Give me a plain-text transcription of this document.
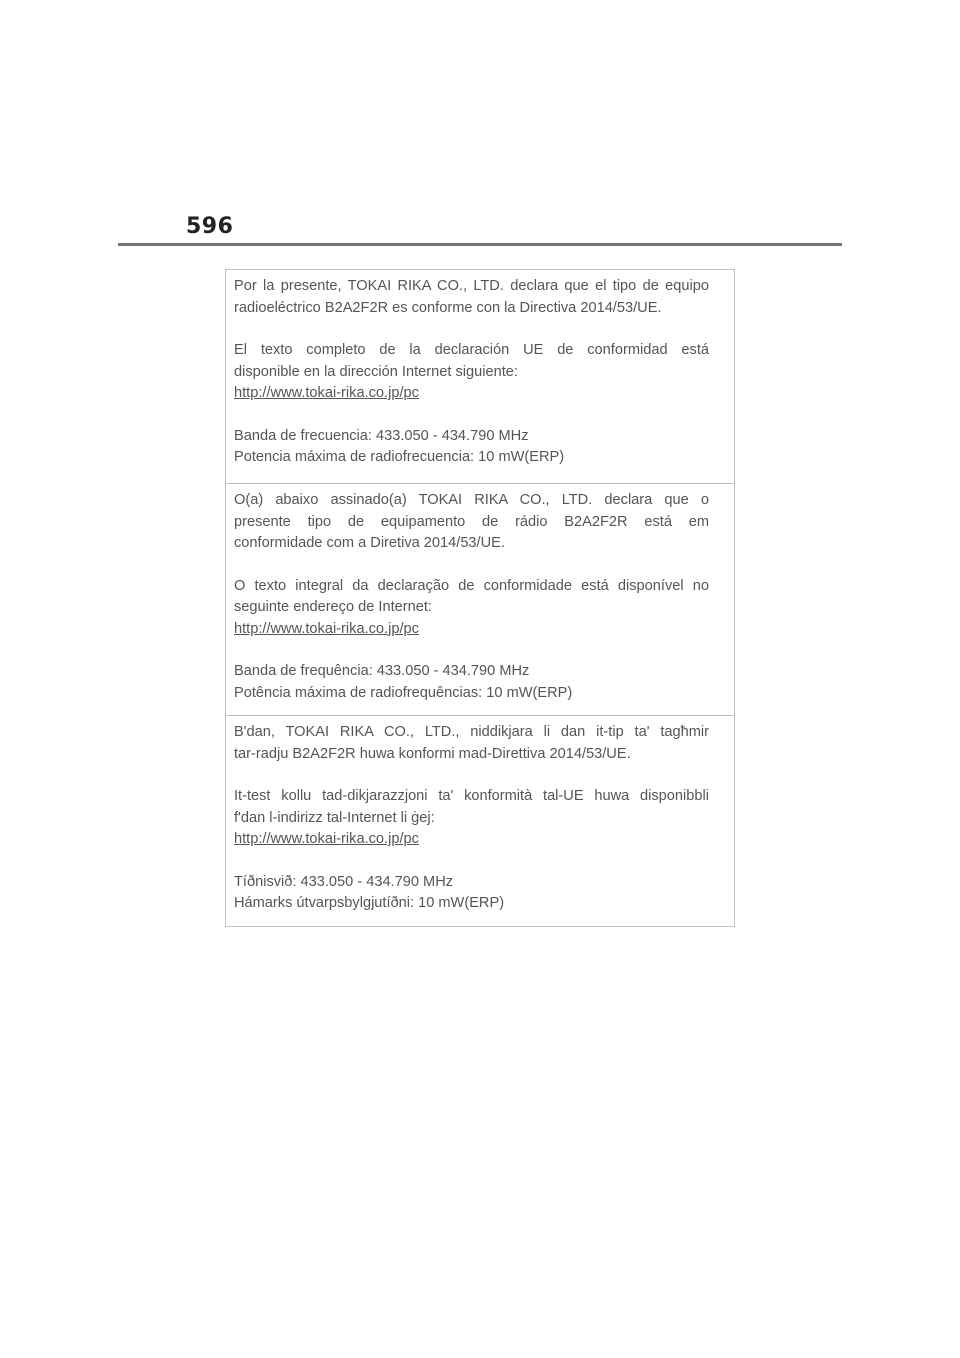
596

Por la presente, TOKAI RIKA CO., LTD. declara que el tipo de equipo

radioeléctrico B2A2F2R es conforme con la Directiva 2014/53/UE.

El texto completo de la declaración UE de conformidad está

disponible en la dirección Internet siguiente:

http://www.tokai-rika.co.jp/pc

Banda de frecuencia: 433.050 - 434.790 MHz

Potencia máxima de radiofrecuencia: 10 mW(ERP)

O(a) abaixo assinado(a) TOKAI RIKA CO., LTD. declara que o

presente tipo de equipamento de rádio B2A2F2R está em

conformidade com a Diretiva 2014/53/UE.

O texto integral da declaração de conformidade está disponível no

seguinte endereço de Internet:

http://www.tokai-rika.co.jp/pc

Banda de frequência: 433.050 - 434.790 MHz

Potência máxima de radiofrequências: 10 mW(ERP)

B'dan, TOKAI RIKA CO., LTD., niddikjara li dan it-tip ta' tagħmir

tar-radju B2A2F2R huwa konformi mad-Direttiva 2014/53/UE.

It-test kollu tad-dikjarazzjoni ta' konformità tal-UE huwa disponibbli

f'dan l-indirizz tal-Internet li ġej:

http://www.tokai-rika.co.jp/pc

Tíðnisvið: 433.050 - 434.790 MHz

Hámarks útvarpsbylgjutíðni: 10 mW(ERP)
